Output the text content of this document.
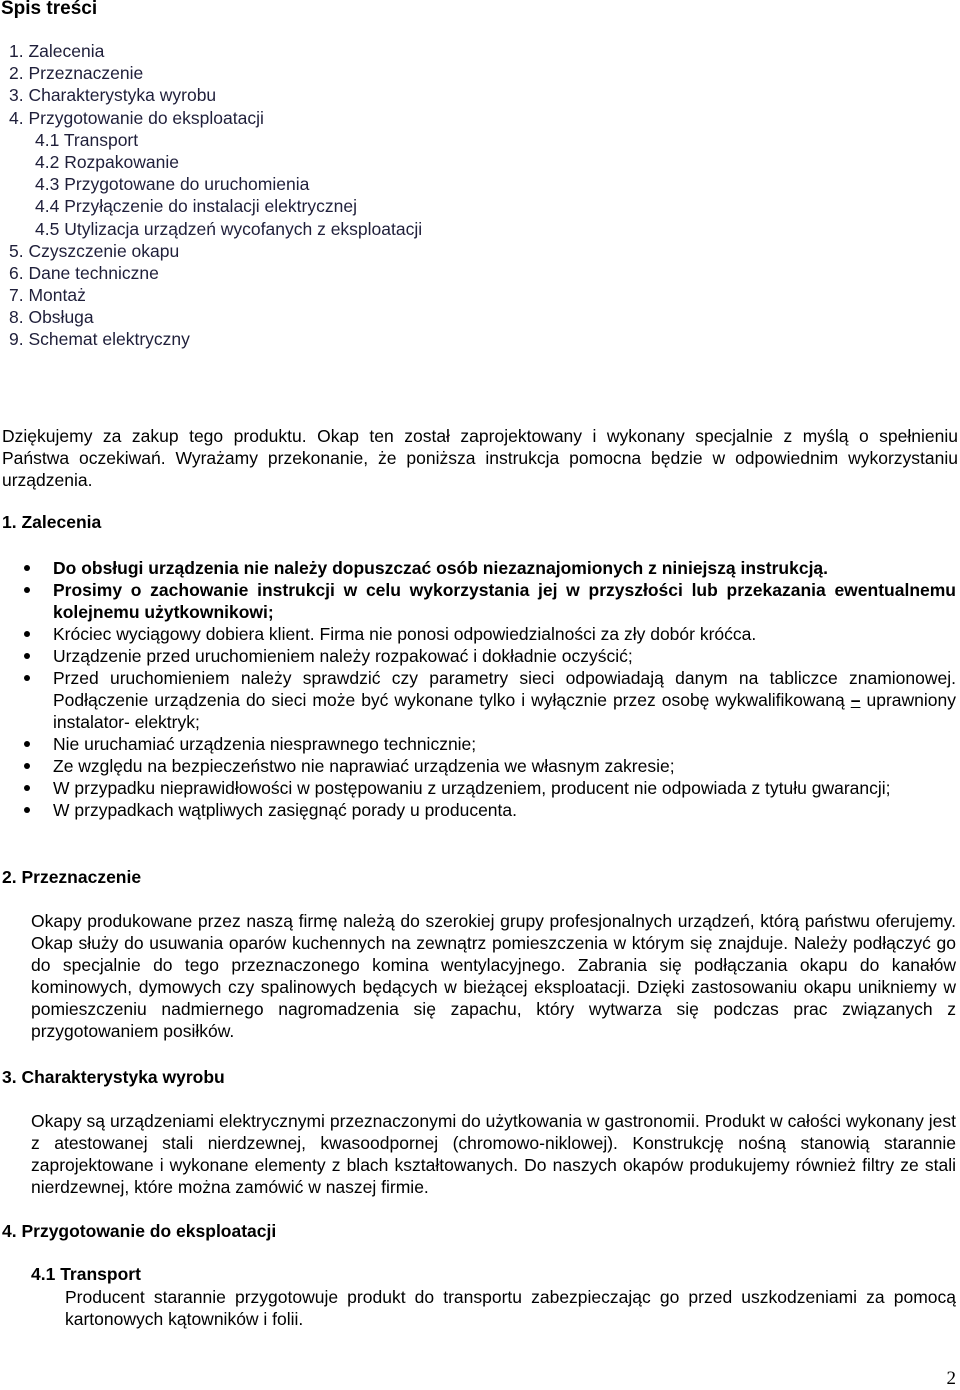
Spis treści
1. Zalecenia
2. Przeznaczenie
3. Charakterystyka wyrobu
4. Przygotowanie do eksploatacji
4.1 Transport
4.2 Rozpakowanie
4.3 Przygotowane do uruchomienia
4.4 Przyłączenie do instalacji elektrycznej
4.5 Utylizacja urządzeń wycofanych z eksploatacji
5. Czyszczenie okapu
6. Dane techniczne
7. Montaż
8. Obsługa
9. Schemat elektryczny
Dziękujemy za zakup tego produktu. Okap ten został zaprojektowany i wykonany specjalnie z myślą o spełnieniu Państwa oczekiwań. Wyrażamy przekonanie, że poniższa instrukcja pomocna będzie w odpowiednim wykorzystaniu urządzenia.
1. Zalecenia
Do obsługi urządzenia nie należy dopuszczać osób niezaznajomionych z niniejszą instrukcją.
Prosimy o zachowanie instrukcji w celu wykorzystania jej w przyszłości lub przekazania ewentualnemu kolejnemu użytkownikowi;
Króciec wyciągowy dobiera klient. Firma nie ponosi odpowiedzialności za zły dobór króćca.
Urządzenie przed uruchomieniem należy rozpakować i dokładnie oczyścić;
Przed uruchomieniem należy sprawdzić czy parametry sieci odpowiadają danym na tabliczce znamionowej. Podłączenie urządzenia do sieci może być wykonane tylko i wyłącznie przez osobę wykwalifikowaną – uprawniony instalator- elektryk;
Nie uruchamiać urządzenia niesprawnego technicznie;
Ze względu na bezpieczeństwo nie naprawiać urządzenia we własnym zakresie;
W przypadku nieprawidłowości w postępowaniu z urządzeniem, producent nie odpowiada z tytułu gwarancji;
W przypadkach wątpliwych zasięgnąć porady u producenta.
2. Przeznaczenie
Okapy produkowane przez naszą firmę należą do szerokiej grupy profesjonalnych urządzeń, którą państwu oferujemy. Okap służy do usuwania oparów kuchennych na zewnątrz pomieszczenia w którym się znajduje. Należy podłączyć go do specjalnie do tego przeznaczonego komina wentylacyjnego. Zabrania się podłączania okapu do kanałów kominowych, dymowych czy spalinowych będących w bieżącej eksploatacji. Dzięki zastosowaniu okapu unikniemy w pomieszczeniu nadmiernego nagromadzenia się zapachu, który wytwarza się podczas prac związanych z przygotowaniem posiłków.
3. Charakterystyka wyrobu
Okapy są urządzeniami elektrycznymi przeznaczonymi do użytkowania w gastronomii. Produkt w całości wykonany jest z atestowanej stali nierdzewnej, kwasoodpornej (chromowo-niklowej). Konstrukcję nośną stanowią starannie zaprojektowane i wykonane elementy z blach kształtowanych. Do naszych okapów produkujemy również filtry ze stali nierdzewnej, które można zamówić w naszej firmie.
4. Przygotowanie do eksploatacji
4.1 Transport
Producent starannie przygotowuje produkt do transportu zabezpieczając go przed uszkodzeniami za pomocą kartonowych kątowników i folii.
2
